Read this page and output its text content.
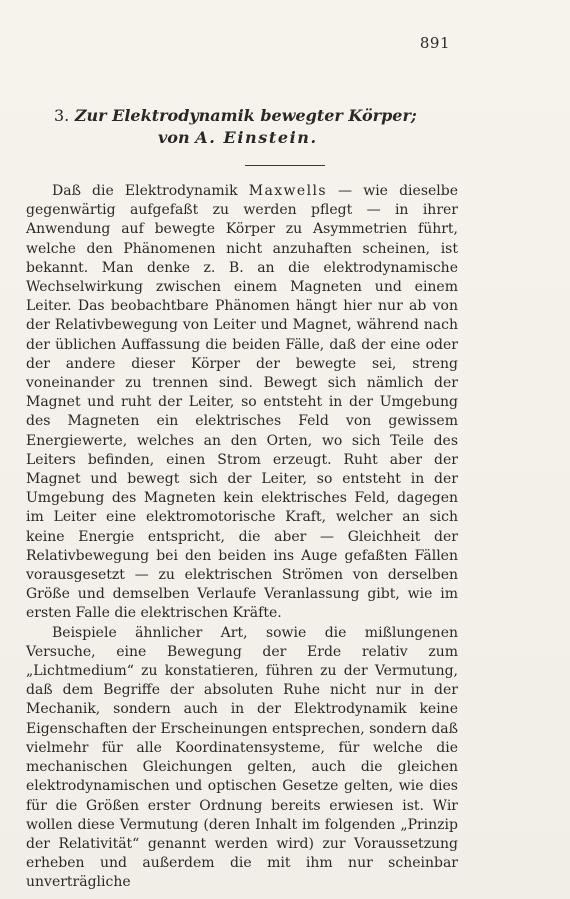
891
3. Zur Elektrodynamik bewegter Körper;
von A. Einstein.

Daß die Elektrodynamik Maxwells — wie dieselbe gegenwärtig aufgefaßt zu werden pflegt — in ihrer Anwendung auf bewegte Körper zu Asymmetrien führt, welche den Phänomenen nicht anzuhaften scheinen, ist bekannt. Man denke z. B. an die elektrodynamische Wechselwirkung zwischen einem Magneten und einem Leiter. Das beobachtbare Phänomen hängt hier nur ab von der Relativbewegung von Leiter und Magnet, während nach der üblichen Auffassung die beiden Fälle, daß der eine oder der andere dieser Körper der bewegte sei, streng voneinander zu trennen sind. Bewegt sich nämlich der Magnet und ruht der Leiter, so entsteht in der Umgebung des Magneten ein elektrisches Feld von gewissem Energiewerte, welches an den Orten, wo sich Teile des Leiters befinden, einen Strom erzeugt. Ruht aber der Magnet und bewegt sich der Leiter, so entsteht in der Umgebung des Magneten kein elektrisches Feld, dagegen im Leiter eine elektromotorische Kraft, welcher an sich keine Energie entspricht, die aber — Gleichheit der Relativbewegung bei den beiden ins Auge gefaßten Fällen vorausgesetzt — zu elektrischen Strömen von derselben Größe und demselben Verlaufe Veranlassung gibt, wie im ersten Falle die elektrischen Kräfte.

Beispiele ähnlicher Art, sowie die mißlungenen Versuche, eine Bewegung der Erde relativ zum „Lichtmedium“ zu konstatieren, führen zu der Vermutung, daß dem Begriffe der absoluten Ruhe nicht nur in der Mechanik, sondern auch in der Elektrodynamik keine Eigenschaften der Erscheinungen entsprechen, sondern daß vielmehr für alle Koordinatensysteme, für welche die mechanischen Gleichungen gelten, auch die gleichen elektrodynamischen und optischen Gesetze gelten, wie dies für die Größen erster Ordnung bereits erwiesen ist. Wir wollen diese Vermutung (deren Inhalt im folgenden „Prinzip der Relativität“ genannt werden wird) zur Voraussetzung erheben und außerdem die mit ihm nur scheinbar unverträgliche
